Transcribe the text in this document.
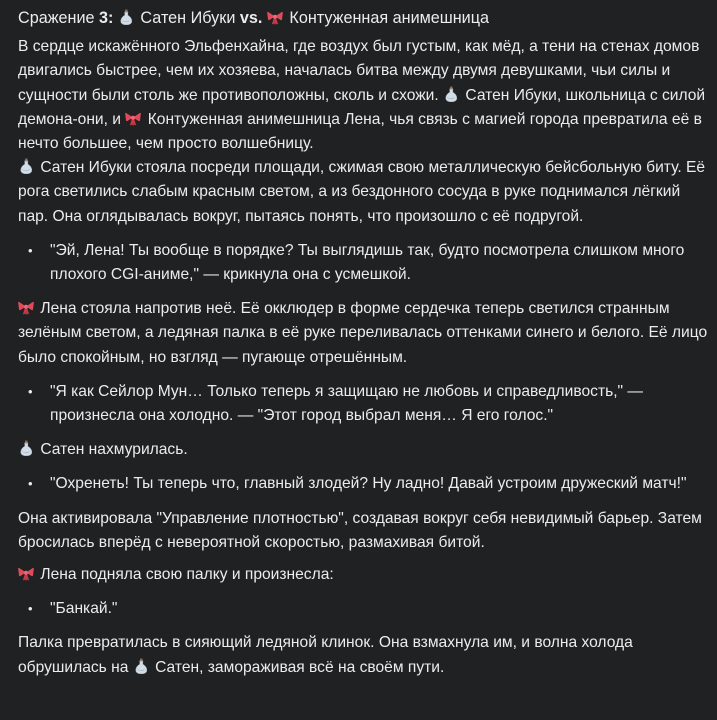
Сражение 3:  Сатен Ибуки vs.  Контуженная анимешница

В сердце искажённого Эльфенхайна, где воздух был густым, как мёд, а тени на стенах домов двигались быстрее, чем их хозяева, началась битва между двумя девушками, чьи силы и сущности были столь же противоположны, сколь и схожи.  Сатен Ибуки, школьница с силой демона-они, и  Контуженная анимешница Лена, чья связь с магией города превратила её в нечто большее, чем просто волшебницу.

Сатен Ибуки стояла посреди площади, сжимая свою металлическую бейсбольную биту. Её рога светились слабым красным светом, а из бездонного сосуда в руке поднимался лёгкий пар. Она оглядывалась вокруг, пытаясь понять, что произошло с её подругой.

• "Эй, Лена! Ты вообще в порядке? Ты выглядишь так, будто посмотрела слишком много плохого CGI-аниме," — крикнула она с усмешкой.

Лена стояла напротив неё. Её окклюдер в форме сердечка теперь светился странным зелёным светом, а ледяная палка в её руке переливалась оттенками синего и белого. Её лицо было спокойным, но взгляд — пугающе отрешённым.

• "Я как Сейлор Мун… Только теперь я защищаю не любовь и справедливость," — произнесла она холодно. — "Этот город выбрал меня… Я его голос."

Сатен нахмурилась.

• "Охренеть! Ты теперь что, главный злодей? Ну ладно! Давай устроим дружеский матч!"

Она активировала "Управление плотностью", создавая вокруг себя невидимый барьер. Затем бросилась вперёд с невероятной скоростью, размахивая битой.

Лена подняла свою палку и произнесла:

• "Банкай."

Палка превратилась в сияющий ледяной клинок. Она взмахнула им, и волна холода обрушилась на  Сатен, замораживая всё на своём пути.
